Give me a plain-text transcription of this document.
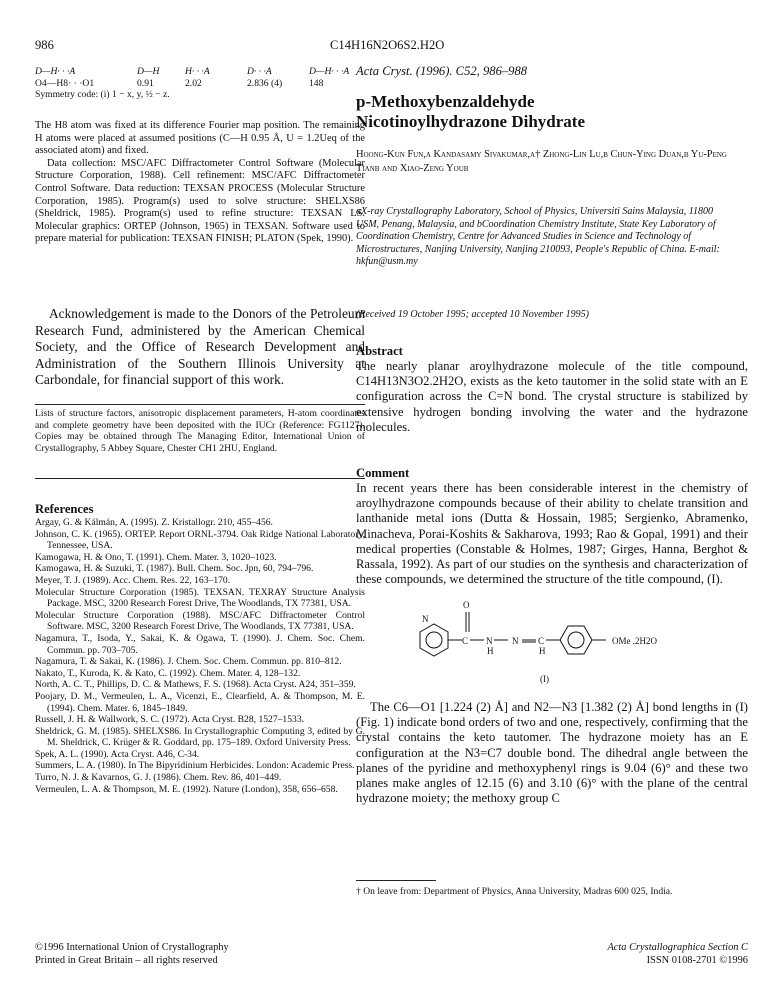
986	C14H16N2O6S2.H2O
D—H· · ·A	D—H	H· · ·A	D· · ·A	D—H· · ·A
O4—H8· · ·O1	0.91	2.02	2.836 (4)	148
Symmetry code: (i) 1 − x, y, ½ − z.

The H8 atom was fixed at its difference Fourier map position. The remaining H atoms were placed at assumed positions (C—H 0.95 Å, U = 1.2Ueq of the associated atom) and fixed.

Data collection: MSC/AFC Diffractometer Control Software (Molecular Structure Corporation, 1988). Cell refinement: MSC/AFC Diffractometer Control Software. Data reduction: TEXSAN PROCESS (Molecular Structure Corporation, 1985). Program(s) used to solve structure: SHELXS86 (Sheldrick, 1985). Program(s) used to refine structure: TEXSAN LS. Molecular graphics: ORTEP (Johnson, 1965) in TEXSAN. Software used to prepare material for publication: TEXSAN FINISH; PLATON (Spek, 1990).

Acknowledgement is made to the Donors of the Petroleum Research Fund, administered by the American Chemical Society, and the Office of Research Development and Administration of the Southern Illinois University at Carbondale, for financial support of this work.

Lists of structure factors, anisotropic displacement parameters, H-atom coordinates and complete geometry have been deposited with the IUCr (Reference: FG1127). Copies may be obtained through The Managing Editor, International Union of Crystallography, 5 Abbey Square, Chester CH1 2HU, England.

References

Argay, G. & Kálmán, A. (1995). Z. Kristallogr. 210, 455–456.

Johnson, C. K. (1965). ORTEP. Report ORNL-3794. Oak Ridge National Laboratory, Tennessee, USA.

Kamogawa, H. & Ono, T. (1991). Chem. Mater. 3, 1020–1023.

Kamogawa, H. & Suzuki, T. (1987). Bull. Chem. Soc. Jpn, 60, 794–796.

Meyer, T. J. (1989). Acc. Chem. Res. 22, 163–170.

Molecular Structure Corporation (1985). TEXSAN. TEXRAY Structure Analysis Package. MSC, 3200 Research Forest Drive, The Woodlands, TX 77381, USA.

Molecular Structure Corporation (1988). MSC/AFC Diffractometer Control Software. MSC, 3200 Research Forest Drive, The Woodlands, TX 77381, USA.

Nagamura, T., Isoda, Y., Sakai, K. & Ogawa, T. (1990). J. Chem. Soc. Chem. Commun. pp. 703–705.

Nagamura, T. & Sakai, K. (1986). J. Chem. Soc. Chem. Commun. pp. 810–812.

Nakato, T., Kuroda, K. & Kato, C. (1992). Chem. Mater. 4, 128–132.

North, A. C. T., Phillips, D. C. & Mathews, F. S. (1968). Acta Cryst. A24, 351–359.

Poojary, D. M., Vermeulen, L. A., Vicenzi, E., Clearfield, A. & Thompson, M. E. (1994). Chem. Mater. 6, 1845–1849.

Russell, J. H. & Wallwork, S. C. (1972). Acta Cryst. B28, 1527–1533.

Sheldrick, G. M. (1985). SHELXS86. In Crystallographic Computing 3, edited by G. M. Sheldrick, C. Krüger & R. Goddard, pp. 175–189. Oxford University Press.

Spek, A. L. (1990). Acta Cryst. A46, C-34.

Summers, L. A. (1980). In The Bipyridinium Herbicides. London: Academic Press.

Turro, N. J. & Kavarnos, G. J. (1986). Chem. Rev. 86, 401–449.

Vermeulen, L. A. & Thompson, M. E. (1992). Nature (London), 358, 656–658.

©1996 International Union of Crystallography
Printed in Great Britain – all rights reserved
Acta Cryst. (1996). C52, 986–988
p-Methoxybenzaldehyde Nicotinoylhydrazone Dihydrate
Hoong-Kun Fun,a Kandasamy Sivakumar,a† Zhong-Lin Lu,b Chun-Ying Duan,b Yu-Peng Tianb and Xiao-Zeng Youb
aX-ray Crystallography Laboratory, School of Physics, Universiti Sains Malaysia, 11800 USM, Penang, Malaysia, and bCoordination Chemistry Institute, State Key Laboratory of Coordination Chemistry, Centre for Advanced Studies in Science and Technology of Microstructures, Nanjing University, Nanjing 210093, People's Republic of China. E-mail: hkfun@usm.my
(Received 19 October 1995; accepted 10 November 1995)
Abstract

The nearly planar aroylhydrazone molecule of the title compound, C14H13N3O2.2H2O, exists as the keto tautomer in the solid state with an E configuration across the C=N bond. The crystal structure is stabilized by extensive hydrogen bonding involving the water and the hydrazone molecules.

Comment

In recent years there has been considerable interest in the chemistry of aroylhydrazone compounds because of their ability to chelate transition and lanthanide metal ions (Dutta & Hossain, 1985; Sergienko, Abramenko, Minacheva, Porai-Koshits & Sakharova, 1993; Rao & Gopal, 1991) and their medical properties (Constable & Holmes, 1987; Girges, Hanna, Berghot & Rassala, 1992). As part of our studies on the synthesis and characterization of these compounds, we determined the structure of the title compound, (I).

N
O
C N
H
N C
H
OMe .2H2O
(I)

The C6—O1 [1.224 (2) Å] and N2—N3 [1.382 (2) Å] bond lengths in (I) (Fig. 1) indicate bond orders of two and one, respectively, confirming that the crystal contains the keto tautomer. The hydrazone moiety has an E configuration at the N3=C7 double bond. The dihedral angle between the planes of the pyridine and methoxyphenyl rings is 9.04 (6)° and these two planes make angles of 12.15 (6) and 3.10 (6)° with the plane of the central hydrazone moiety; the methoxy group C

† On leave from: Department of Physics, Anna University, Madras 600 025, India.
Acta Crystallographica Section C
ISSN 0108-2701 ©1996
